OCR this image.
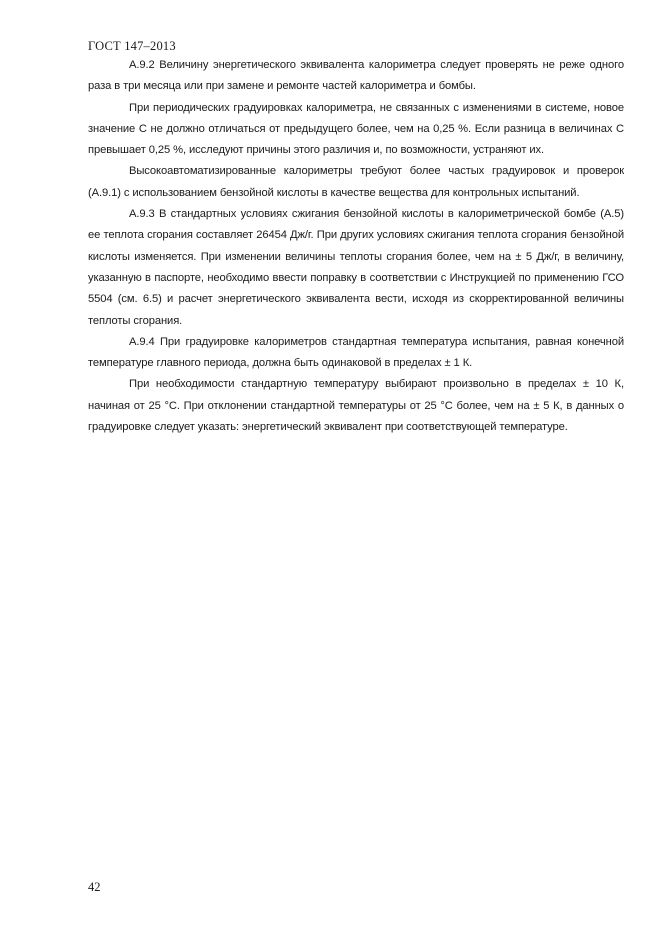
ГОСТ 147–2013

А.9.2 Величину энергетического эквивалента калориметра следует проверять не реже одного раза в три месяца или при замене и ремонте частей калориметра и бомбы.

При периодических градуировках калориметра, не связанных с изменениями в системе, новое значение С не должно отличаться от предыдущего более, чем на 0,25 %. Если разница в величинах С превышает 0,25 %, исследуют причины этого различия и, по возможности, устраняют их.

Высокоавтоматизированные калориметры требуют более частых градуировок и проверок (А.9.1) с использованием бензойной кислоты в качестве вещества для контрольных испытаний.

А.9.3 В стандартных условиях сжигания бензойной кислоты в калориметрической бомбе (А.5) ее теплота сгорания составляет 26454 Дж/г. При других условиях сжигания теплота сгорания бензойной кислоты изменяется. При изменении величины теплоты сгорания более, чем на ± 5 Дж/г, в величину, указанную в паспорте, необходимо ввести поправку в соответствии с Инструкцией по применению ГСО 5504 (см. 6.5) и расчет энергетического эквивалента вести, исходя из скорректированной величины теплоты сгорания.

А.9.4 При градуировке калориметров стандартная температура испытания, равная конечной температуре главного периода, должна быть одинаковой в пределах ± 1 К.

При необходимости стандартную температуру выбирают произвольно в пределах ± 10 К, начиная от 25 °С. При отклонении стандартной температуры от 25 °С более, чем на ± 5 К, в данных о градуировке следует указать: энергетический эквивалент при соответствующей температуре.

42
